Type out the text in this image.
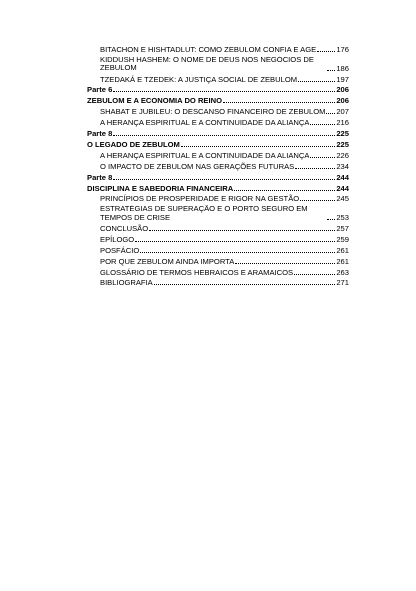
BITACHON E HISHTADLUT: COMO ZEBULOM CONFIA E AGE	176
KIDDUSH HASHEM: O NOME DE DEUS NOS NEGÓCIOS DE ZEBULOM	186
TZEDAKÁ E TZEDEK: A JUSTIÇA SOCIAL DE ZEBULOM	197
Parte 6	206
ZEBULOM E A ECONOMIA DO REINO	206
SHABAT E JUBILEU: O DESCANSO FINANCEIRO DE ZEBULOM 207
A HERANÇA ESPIRITUAL E A CONTINUIDADE DA ALIANÇA	216
Parte 8	225
O LEGADO DE ZEBULOM	225
A HERANÇA ESPIRITUAL E A CONTINUIDADE DA ALIANÇA	226
O IMPACTO DE ZEBULOM NAS GERAÇÕES FUTURAS	234
Parte 8	244
DISCIPLINA E SABEDORIA FINANCEIRA	244
PRINCÍPIOS DE PROSPERIDADE E RIGOR NA GESTÃO	245
ESTRATÉGIAS DE SUPERAÇÃO E O PORTO SEGURO EM TEMPOS DE CRISE	253
CONCLUSÃO	257
EPÍLOGO	259
POSFÁCIO	261
POR QUE ZEBULOM AINDA IMPORTA	261
GLOSSÁRIO DE TERMOS HEBRAICOS E ARAMAICOS	263
BIBLIOGRAFIA	271
